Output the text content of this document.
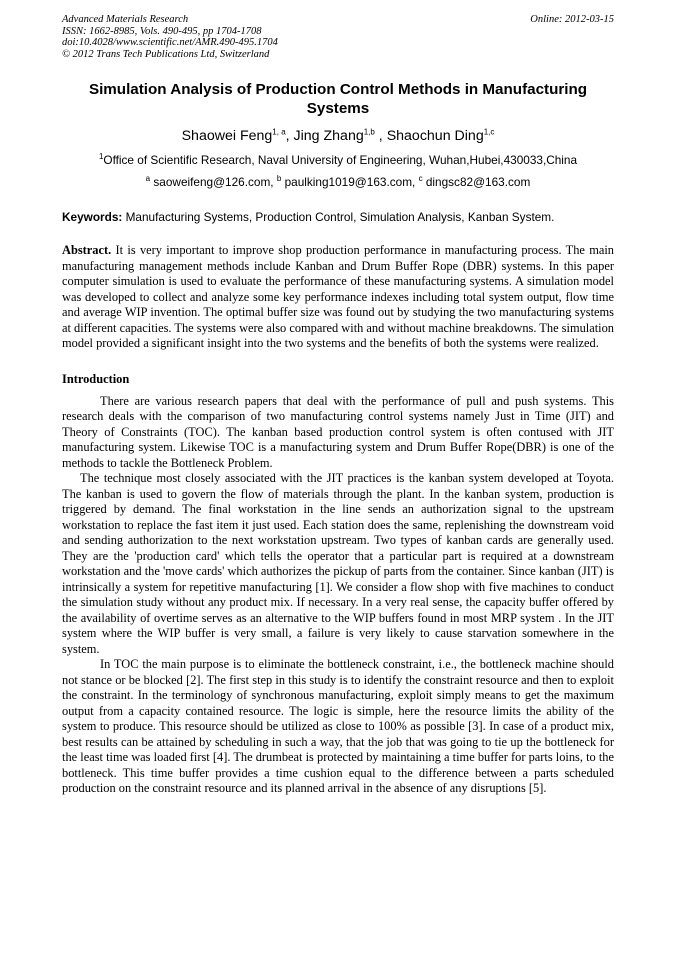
Advanced Materials Research
ISSN: 1662-8985, Vols. 490-495, pp 1704-1708
doi:10.4028/www.scientific.net/AMR.490-495.1704
© 2012 Trans Tech Publications Ltd, Switzerland
Online: 2012-03-15
Simulation Analysis of Production Control Methods in Manufacturing Systems
Shaowei Feng$^{1, a}$, Jing Zhang$^{1,b}$ , Shaochun Ding$^{1,c}$
$^1$Office of Scientific Research, Naval University of Engineering, Wuhan,Hubei,430033,China
$^a$ saoweifeng@126.com, $^b$ paulking1019@163.com, $^c$ dingsc82@163.com
Keywords: Manufacturing Systems, Production Control, Simulation Analysis, Kanban System.
Abstract. It is very important to improve shop production performance in manufacturing process. The main manufacturing management methods include Kanban and Drum Buffer Rope (DBR) systems. In this paper computer simulation is used to evaluate the performance of these manufacturing systems. A simulation model was developed to collect and analyze some key performance indexes including total system output, flow time and average WIP invention. The optimal buffer size was found out by studying the two manufacturing systems at different capacities. The systems were also compared with and without machine breakdowns. The simulation model provided a significant insight into the two systems and the benefits of both the systems were realized.
Introduction
There are various research papers that deal with the performance of pull and push systems. This research deals with the comparison of two manufacturing control systems namely Just in Time (JIT) and Theory of Constraints (TOC). The kanban based production control system is often contused with JIT manufacturing system. Likewise TOC is a manufacturing system and Drum Buffer Rope(DBR) is one of the methods to tackle the Bottleneck Problem.
The technique most closely associated with the JIT practices is the kanban system developed at Toyota. The kanban is used to govern the flow of materials through the plant. In the kanban system, production is triggered by demand. The final workstation in the line sends an authorization signal to the upstream workstation to replace the fast item it just used. Each station does the same, replenishing the downstream void and sending authorization to the next workstation upstream. Two types of kanban cards are generally used. They are the 'production card' which tells the operator that a particular part is required at a downstream workstation and the 'move cards' which authorizes the pickup of parts from the container. Since kanban (JIT) is intrinsically a system for repetitive manufacturing [1]. We consider a flow shop with five machines to conduct the simulation study without any product mix. If necessary. In a very real sense, the capacity buffer offered by the availability of overtime serves as an alternative to the WIP buffers found in most MRP system . In the JIT system where the WIP buffer is very small, a failure is very likely to cause starvation somewhere in the system.
In TOC the main purpose is to eliminate the bottleneck constraint, i.e., the bottleneck machine should not stance or be blocked [2]. The first step in this study is to identify the constraint resource and then to exploit the constraint. In the terminology of synchronous manufacturing, exploit simply means to get the maximum output from a capacity contained resource. The logic is simple, here the resource limits the ability of the system to produce. This resource should be utilized as close to 100% as possible [3]. In case of a product mix, best results can be attained by scheduling in such a way, that the job that was going to tie up the bottleneck for the least time was loaded first [4]. The drumbeat is protected by maintaining a time buffer for parts loins, to the bottleneck. This time buffer provides a time cushion equal to the difference between a parts scheduled production on the constraint resource and its planned arrival in the absence of any disruptions [5].
